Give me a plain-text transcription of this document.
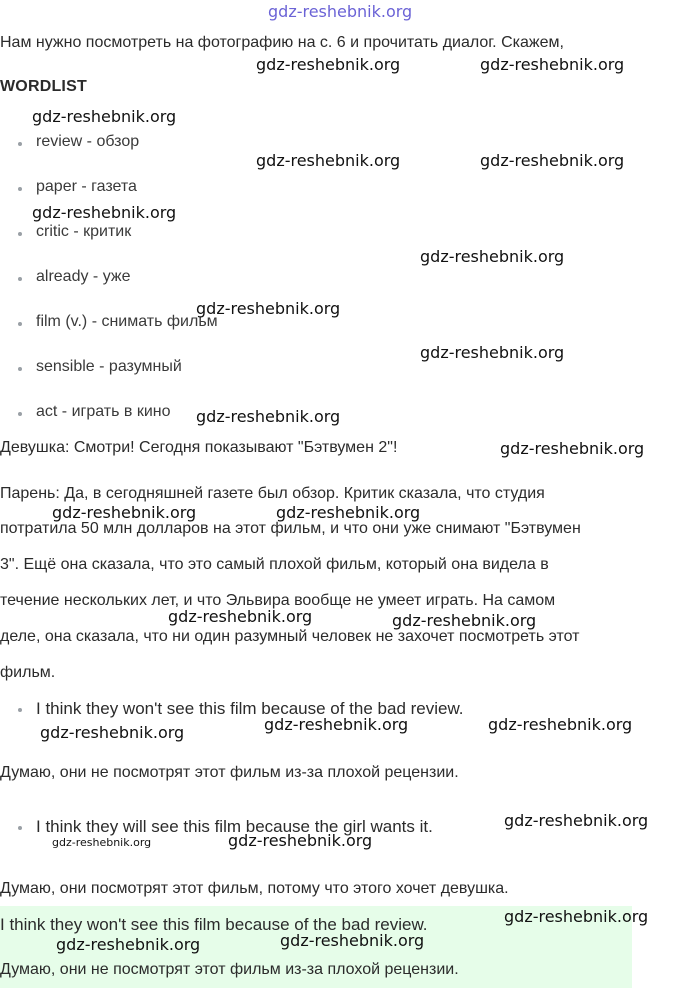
gdz-reshebnik.org
Нам нужно посмотреть на фотографию на с. 6 и прочитать диалог. Скажем,
WORDLIST
review - обзор
paper - газета
critic - критик
already - уже
film (v.) - снимать фильм
sensible - разумный
act - играть в кино
Девушка: Смотри! Сегодня показывают "Бэтвумен 2"!
Парень: Да, в сегодняшней газете был обзор. Критик сказала, что студия
потратила 50 млн долларов на этот фильм, и что они уже снимают "Бэтвумен
3". Ещё она сказала, что это самый плохой фильм, который она видела в
течение нескольких лет, и что Эльвира вообще не умеет играть. На самом
деле, она сказала, что ни один разумный человек не захочет посмотреть этот
фильм.
I think they won't see this film because of the bad review.
Думаю, они не посмотрят этот фильм из-за плохой рецензии.
I think they will see this film because the girl wants it.
Думаю, они посмотрят этот фильм, потому что этого хочет девушка.
I think they won't see this film because of the bad review.
Думаю, они не посмотрят этот фильм из-за плохой рецензии.
gdz-reshebnik.org	gdz-reshebnik.org
gdz-reshebnik.org
gdz-reshebnik.org	gdz-reshebnik.org
gdz-reshebnik.org
gdz-reshebnik.org
gdz-reshebnik.org
gdz-reshebnik.org
gdz-reshebnik.org
gdz-reshebnik.org
gdz-reshebnik.org	gdz-reshebnik.org
gdz-reshebnik.org	gdz-reshebnik.org
gdz-reshebnik.org	gdz-reshebnik.org
gdz-reshebnik.org
gdz-reshebnik.org
gdz-reshebnik.org	gdz-reshebnik.org
gdz-reshebnik.org
gdz-reshebnik.org	gdz-reshebnik.org
